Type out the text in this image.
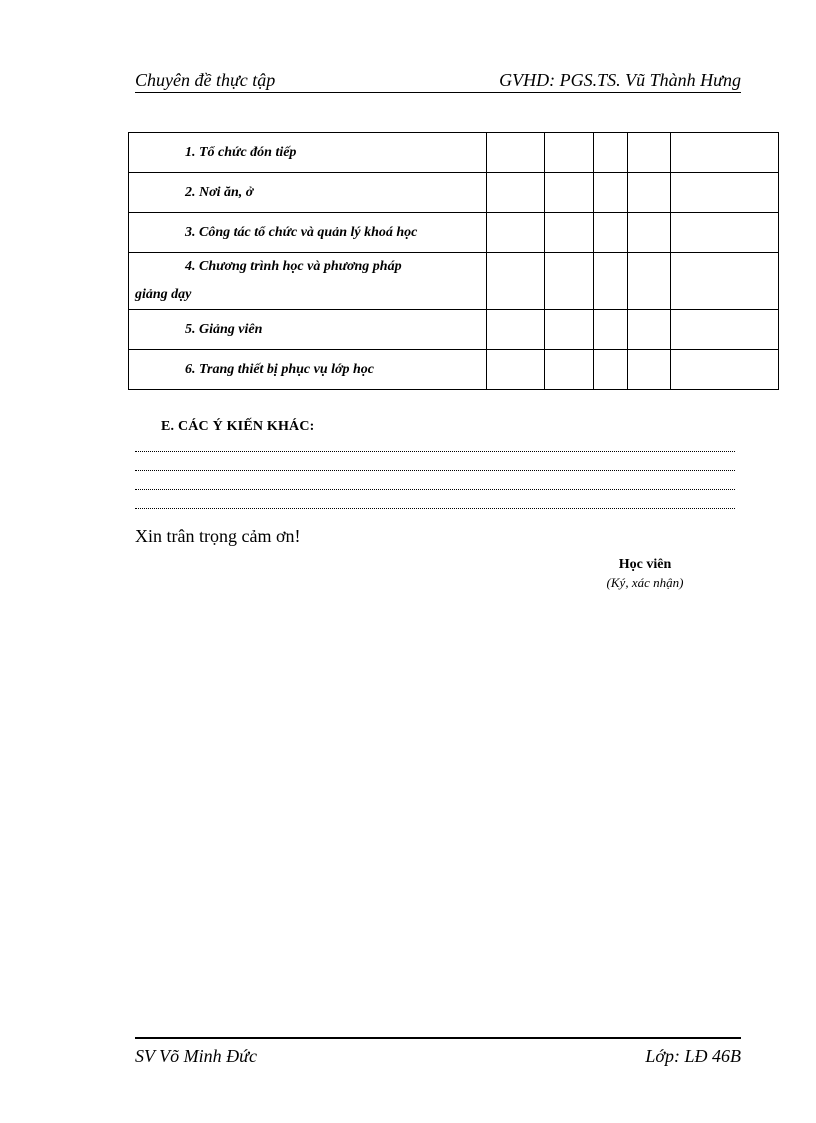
Chuyên đề thực tập	GVHD: PGS.TS. Vũ Thành Hưng
1. Tổ chức đón tiếp					
2. Nơi ăn, ở					
3. Công tác tổ chức và quản lý khoá học					

4. Chương trình học và phương pháp
giảng dạy					

5. Giảng viên					
6. Trang thiết bị phục vụ lớp học					
E. CÁC Ý KIẾN KHÁC:
Xin trân trọng cảm ơn!
Học viên
(Ký, xác nhận)
SV Võ Minh Đức	Lớp: LĐ 46B
